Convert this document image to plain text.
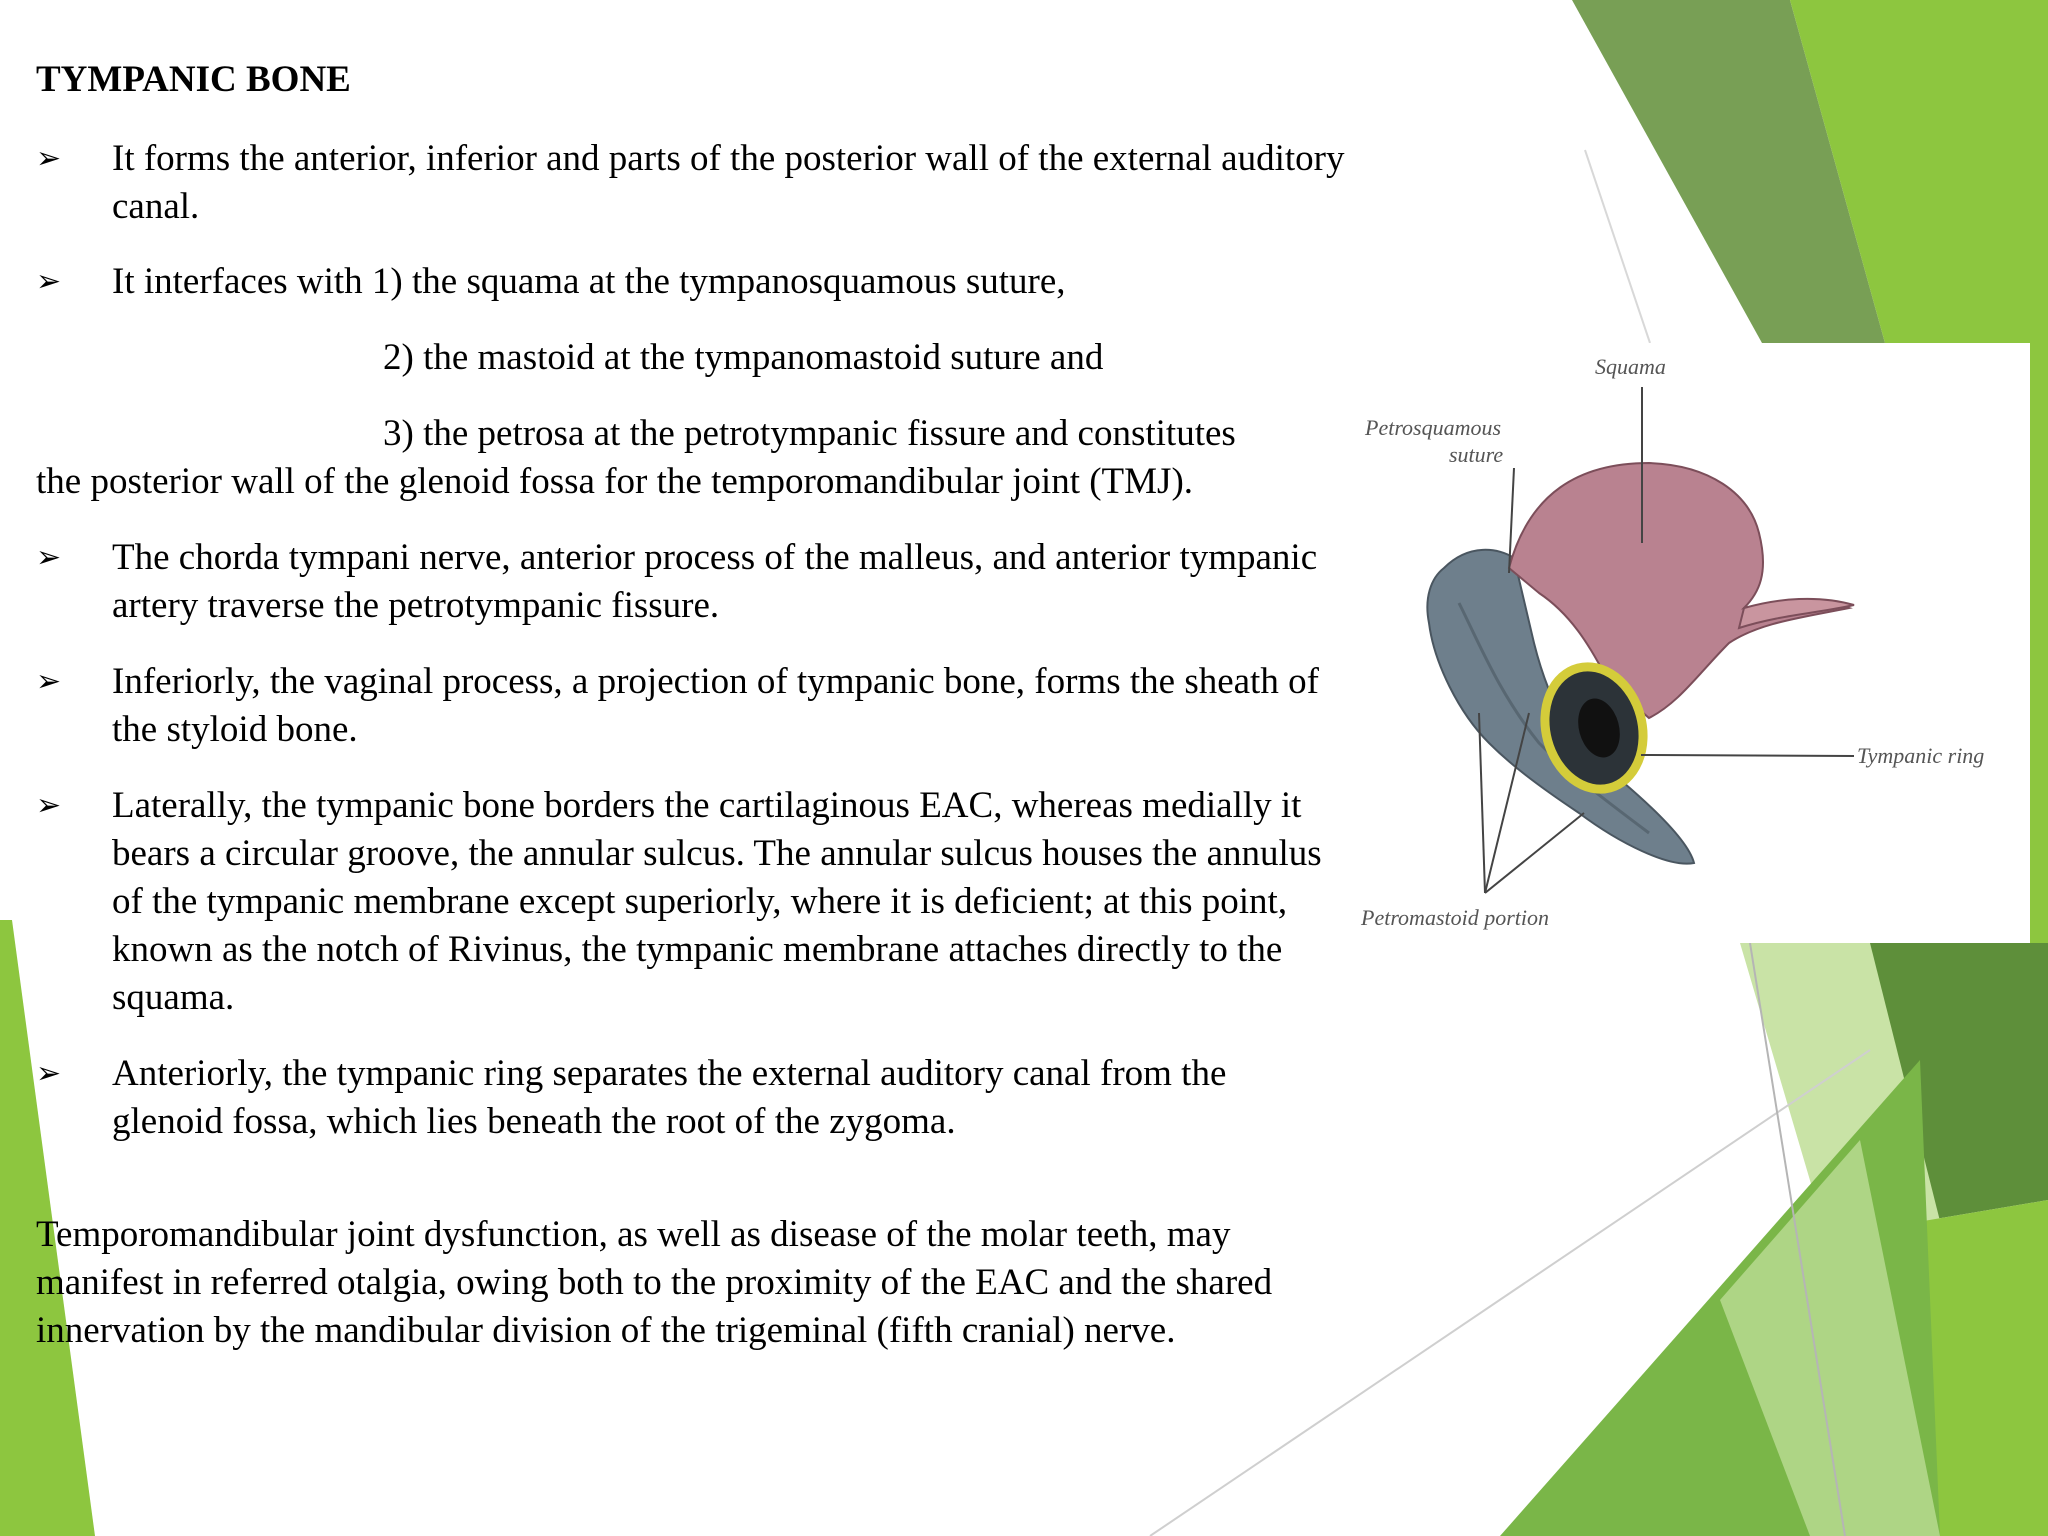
TYMPANIC BONE
➢	It forms the anterior, inferior and parts of the posterior wall of the external auditory canal.
➢	It interfaces with 1) the squama at the tympanosquamous suture,
2) the mastoid at the tympanomastoid suture and
3) the petrosa at the petrotympanic fissure and constitutes
the posterior wall of the glenoid fossa for the temporomandibular joint (TMJ).
➢	The chorda tympani nerve, anterior process of the malleus, and anterior tympanic artery traverse the petrotympanic fissure.
➢	Inferiorly, the vaginal process, a projection of tympanic bone, forms the sheath of the styloid bone.
➢	Laterally, the tympanic bone borders the cartilaginous EAC, whereas medially it bears a circular groove, the annular sulcus. The annular sulcus houses the annulus of the tympanic membrane except superiorly, where it is deficient; at this point, known as the notch of Rivinus, the tympanic membrane attaches directly to the squama.
➢	Anteriorly, the tympanic ring separates the external auditory canal from the glenoid fossa, which lies beneath the root of the zygoma.

Temporomandibular joint dysfunction, as well as disease of the molar teeth, may manifest in referred otalgia, owing both to the proximity of the EAC and the shared innervation by the mandibular division of the trigeminal (fifth cranial) nerve.

Squama
Petrosquamous
suture
Tympanic ring
Petromastoid portion
